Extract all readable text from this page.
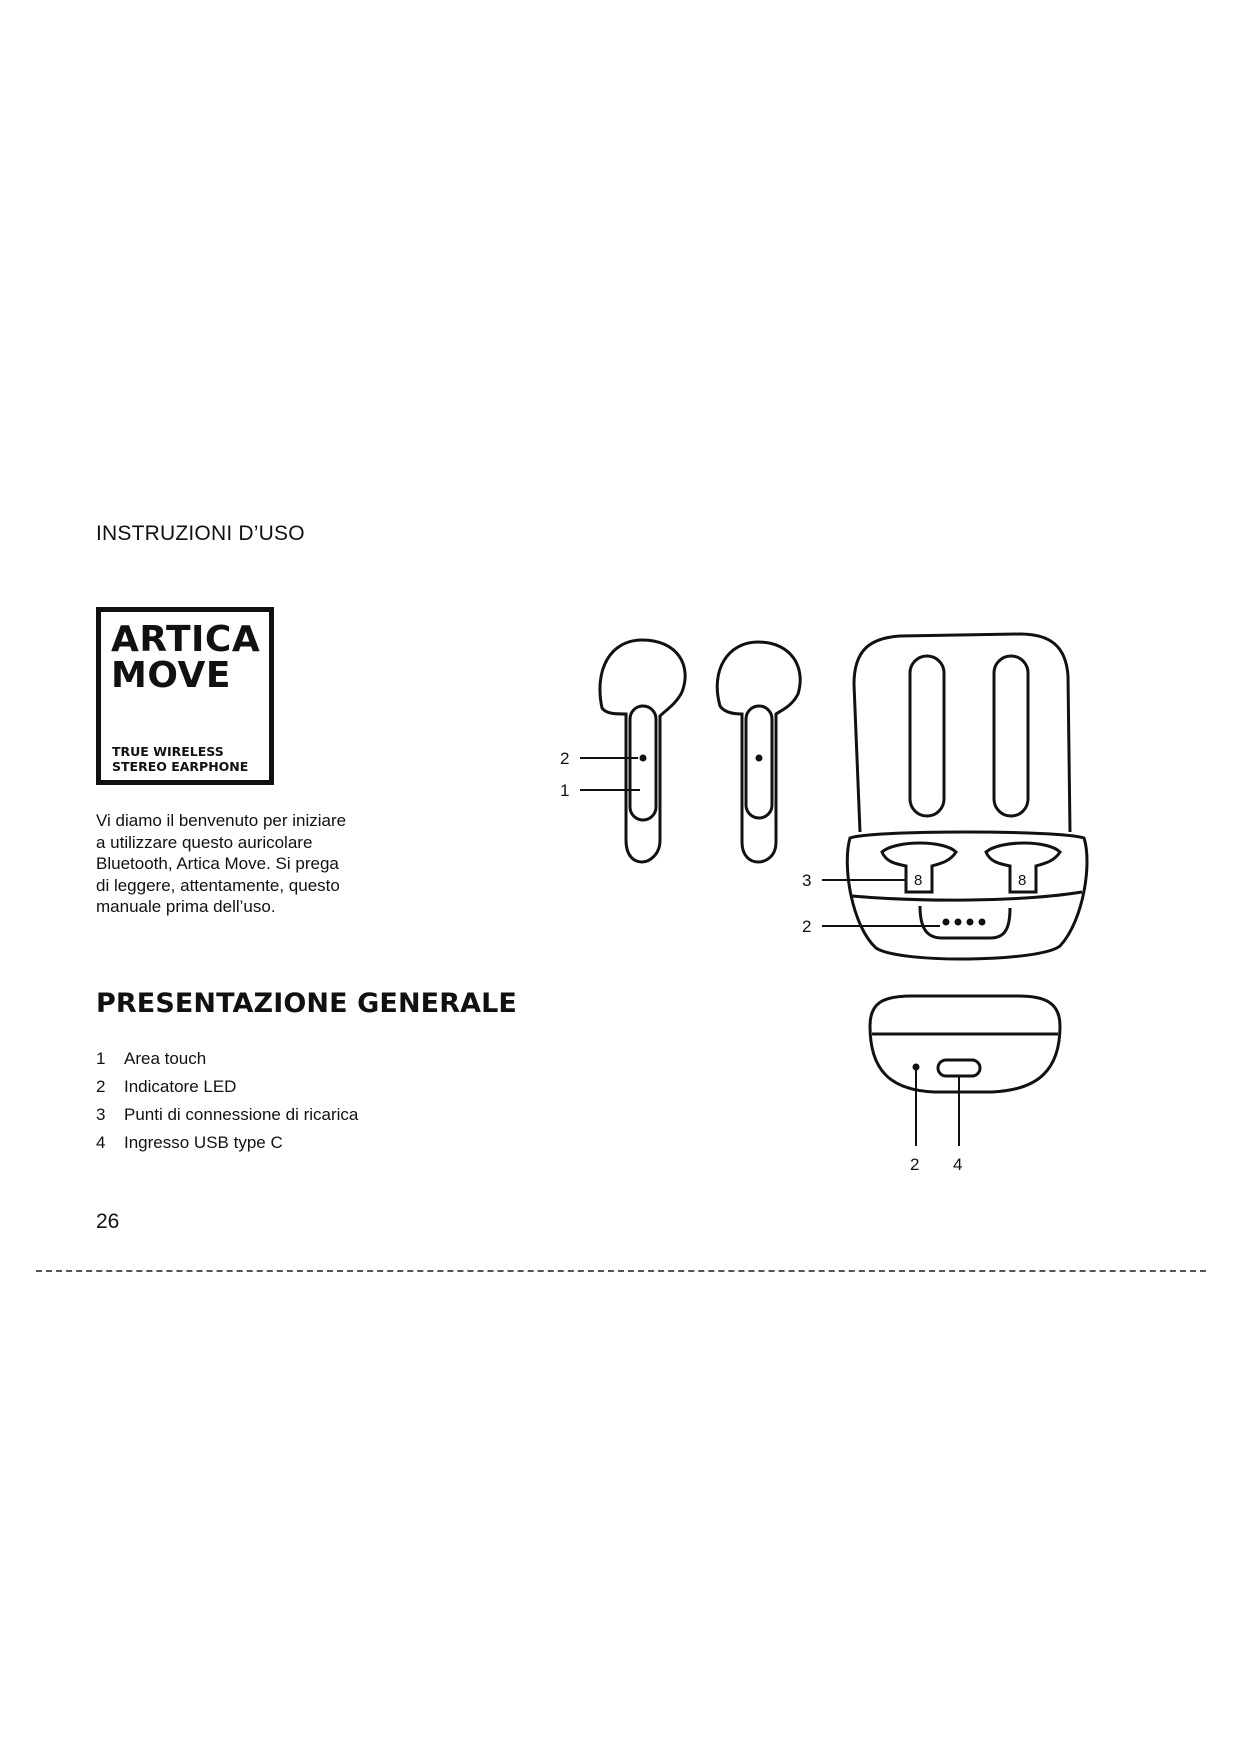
INSTRUZIONI D’USO
ARTICA
MOVE
TRUE WIRELESS
STEREO EARPHONE
Vi diamo il benvenuto per iniziare
a utilizzare questo auricolare
Bluetooth, Artica Move. Si prega
di leggere, attentamente, questo
manuale prima dell’uso.
PRESENTAZIONE GENERALE
1	Area touch
2	Indicatore LED
3	Punti di connessione di ricarica
4	Ingresso USB type C
8	8
2
1
3
2
2 4
26
